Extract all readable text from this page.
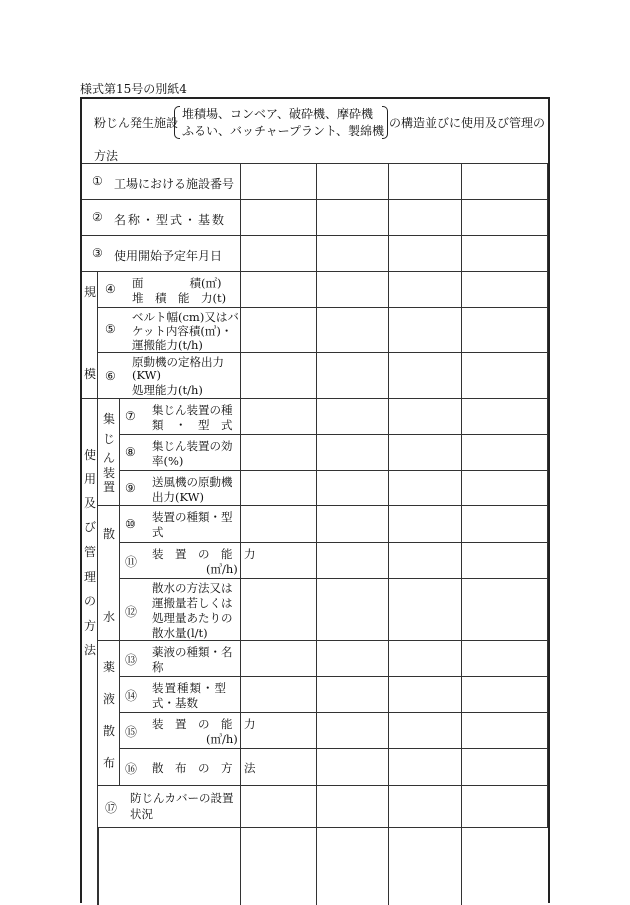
様式第15号の別紙4
粉じん発生施設
堆積場、コンベア、破砕機、摩砕機
ふるい、バッチャープラント、製綿機
の構造並びに使用及び管理の
方法
① 工場における施設番号
② 名称・型式・基数
③ 使用開始予定年月日
規
模
④ 面　　　　積(㎡)
堆　積　能　力(t)
⑤
ベルト幅(cm)又はバ
ケット内容積(㎥)・
運搬能力(t/h)
⑥
原動機の定格出力
(KW)
処理能力(t/h)
使
用
及
び
管
理
の
方
法
集
じ
ん
装
置
⑦ 集じん装置の種
類　・　型　式
⑧ 集じん装置の効
率(%)
⑨ 送風機の原動機
出力(KW)
散
水
⑩ 装置の種類・型
式
⑪
装　置　の　能　力
(㎥/h)
⑫
散水の方法又は
運搬量若しくは
処理量あたりの
散水量(l/t)
薬
液
散
布
⑬
薬液の種類・名
称
⑭
装置種類・型
式・基数
⑮
装　置　の　能　力
(㎥/h)
⑯ 散　布　の　方　法
⑰
防じんカバーの設置
状況
